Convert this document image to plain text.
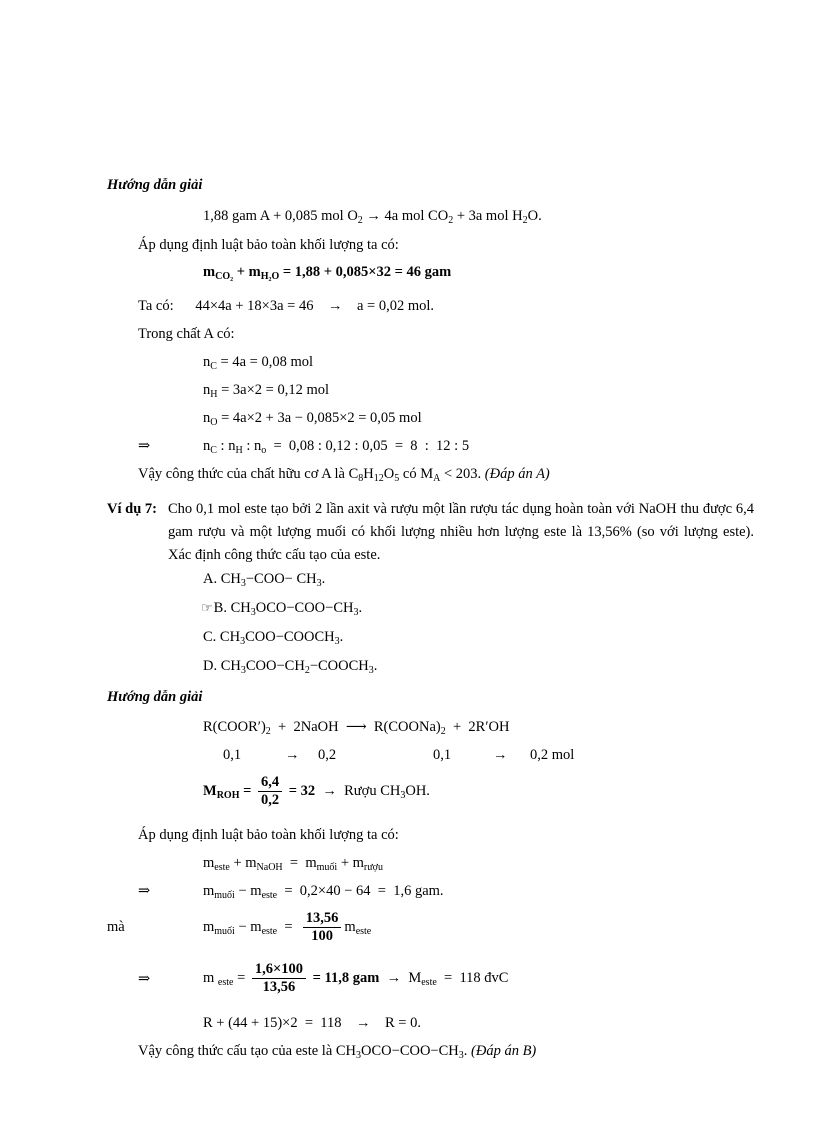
Hướng dẫn giải
1,88 gam A + 0,085 mol $O_2 \to 4a$ mol $CO_2 + 3a$ mol $H_2O$.
Áp dụng định luật bảo toàn khối lượng ta có:
$m_{CO_2} + m_{H_2O} = 1,88 + 0,085\times 32 = 46$ gam
Ta có:      44×4a + 18×3a = 46    →    a = 0,02 mol.
Trong chất A có:
$n_C = 4a = 0,08$ mol
$n_H = 3a\times 2 = 0,12$ mol
$n_O = 4a\times 2 + 3a - 0,085\times 2 = 0,05$ mol
⇒	$n_C$ : $n_H$ : $n_o = 0,08$ : 0,12 : 0,05  =  8  :  12 : 5
Vậy công thức của chất hữu cơ A là $C_8H_{12}O_5$ có $M_A < 203$. (Đáp án A)
Ví dụ 7: Cho 0,1 mol este tạo bởi 2 lần axit và rượu một lần rượu tác dụng hoàn toàn với NaOH thu được 6,4 gam rượu và một lượng muối có khối lượng nhiều hơn lượng este là 13,56% (so với lượng este). Xác định công thức cấu tạo của este.
A. $CH_3-COO- CH_3$.
☞B. $CH_3OCO-COO-CH_3$.
C. $CH_3COO-COOCH_3$.
D. $CH_3COO-CH_2-COOCH_3$.
Hướng dẫn giải
$R(COOR')_2$  +  2NaOH  ⟶  $R(COONa)_2 + 2R'OH$
0,1	→ 0,2	0,1	→ 0,2 mol
$M_{ROH} = \frac{6,4}{0,2} = 32$  →  Rượu $CH_3OH$.
Áp dụng định luật bảo toàn khối lượng ta có:
$m_{este} + m_{NaOH} = m_{muối} + m_{rượu}$
⇒	$m_{muối} - m_{este} = 0,2\times 40 - 64 = 1,6$ gam.
mà	$m_{muối} - m_{este} = \frac{13,56}{100} m_{este}$
⇒	m $_{este} = \frac{1,6\times 100}{13,56} = 11,8$ gam  →  $M_{este} = 118$ đvC
R + (44 + 15)×2  =  118    →    R = 0.
Vậy công thức cấu tạo của este là $CH_3OCO-COO-CH_3$. (Đáp án B)
